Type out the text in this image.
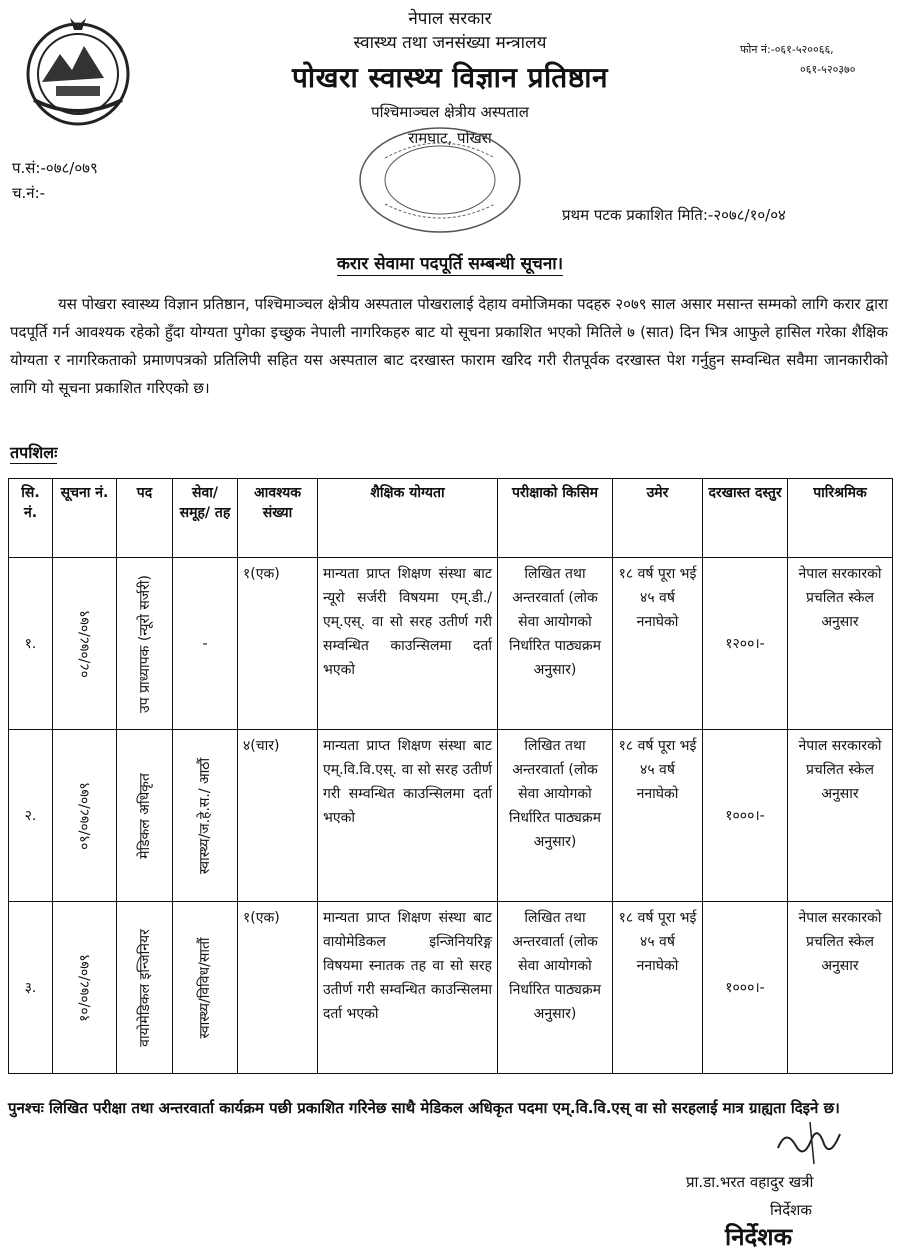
नेपाल सरकार
स्वास्थ्य तथा जनसंख्या मन्त्रालय
पोखरा स्वास्थ्य विज्ञान प्रतिष्ठान
पश्चिमाञ्चल क्षेत्रीय अस्पताल
रामघाट, पोखरा
फोन नं:-०६१-५२००६६,
०६१-५२०३७०
प.सं:-०७८/०७९
च.नं:-
प्रथम पटक प्रकाशित मिति:-२०७८/१०/०४
करार सेवामा पदपूर्ति सम्बन्धी सूचना।
यस पोखरा स्वास्थ्य विज्ञान प्रतिष्ठान, पश्चिमाञ्चल क्षेत्रीय अस्पताल पोखरालाई देहाय वमोजिमका पदहरु २०७९ साल असार मसान्त सम्मको लागि करार द्वारा पदपूर्ति गर्न आवश्यक रहेको हुँदा योग्यता पुगेका इच्छुक नेपाली नागरिकहरु बाट यो सूचना प्रकाशित भएको मितिले ७ (सात) दिन भित्र आफुले हासिल गरेका शैक्षिक योग्यता र नागरिकताको प्रमाणपत्रको प्रतिलिपी सहित यस अस्पताल बाट दरखास्त फाराम खरिद गरी रीतपूर्वक दरखास्त पेश गर्नुहुन सम्वन्धित सवैमा जानकारीको लागि यो सूचना प्रकाशित गरिएको छ।
तपशिलः
सि. नं.	सूचना नं.	पद	सेवा/ समूह/ तह	आवश्यक संख्या	शैक्षिक योग्यता	परीक्षाको किसिम	उमेर	दरखास्त दस्तुर	पारिश्रमिक
१.	०८/०७८/०७९	उप प्राध्यापक (न्यूरो सर्जरी)	-	१(एक)	मान्यता प्राप्त शिक्षण संस्था बाट न्यूरो सर्जरी विषयमा एम्.डी./एम्.एस्. वा सो सरह उतीर्ण गरी सम्वन्धित काउन्सिलमा दर्ता भएको	लिखित तथा अन्तरवार्ता (लोक सेवा आयोगको निर्धारित पाठ्यक्रम अनुसार)	१८ वर्ष पूरा भई ४५ वर्ष ननाघेको	१२००।-	नेपाल सरकारको प्रचलित स्केल अनुसार
२.	०९/०७८/०७९	मेडिकल अधिकृत	स्वास्थ्य/ज.हे.स./ आठौं	४(चार)	मान्यता प्राप्त शिक्षण संस्था बाट एम्.वि.वि.एस्. वा सो सरह उतीर्ण गरी सम्वन्धित काउन्सिलमा दर्ता भएको	लिखित तथा अन्तरवार्ता (लोक सेवा आयोगको निर्धारित पाठ्यक्रम अनुसार)	१८ वर्ष पूरा भई ४५ वर्ष ननाघेको	१०००।-	नेपाल सरकारको प्रचलित स्केल अनुसार
३.	१०/०७८/०७९	वायोमेडिकल इन्जिनियर	स्वास्थ्य/विविध/सातौं	१(एक)	मान्यता प्राप्त शिक्षण संस्था बाट वायोमेडिकल इन्जिनियरिङ्ग विषयमा स्नातक तह वा सो सरह उतीर्ण गरी सम्वन्धित काउन्सिलमा दर्ता भएको	लिखित तथा अन्तरवार्ता (लोक सेवा आयोगको निर्धारित पाठ्यक्रम अनुसार)	१८ वर्ष पूरा भई ४५ वर्ष ननाघेको	१०००।-	नेपाल सरकारको प्रचलित स्केल अनुसार
पुनश्चः लिखित परीक्षा तथा अन्तरवार्ता कार्यक्रम पछी प्रकाशित गरिनेछ साथै मेडिकल अधिकृत पदमा एम्.वि.वि.एस् वा सो सरहलाई मात्र ग्राह्यता दिइने छ।
प्रा.डा.भरत वहादुर खत्री
निर्देशक
निर्देशक
